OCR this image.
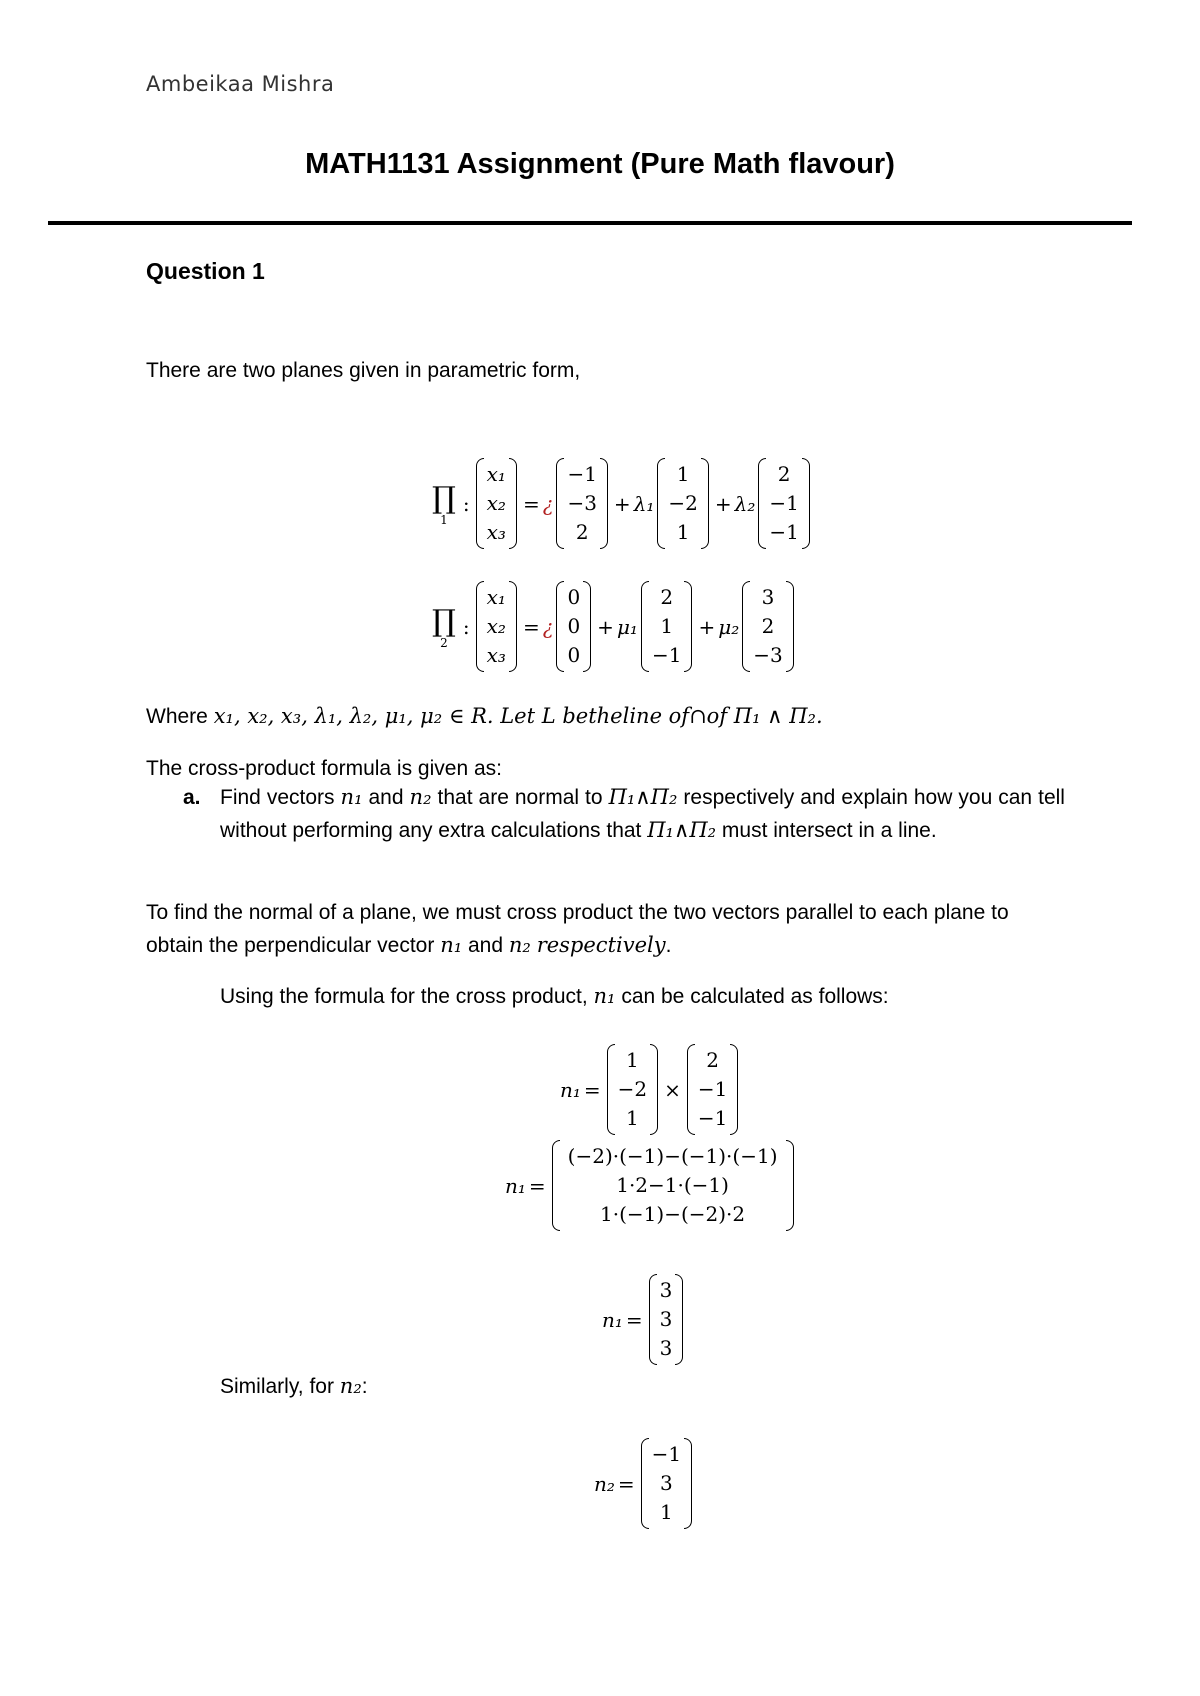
Ambeikaa Mishra
MATH1131 Assignment (Pure Math flavour)
Question 1
There are two planes given in parametric form,
∏
1
:
x₁
x₂
x₃
= ¿
−1
−3
2
+ λ₁
1
−2
1
+ λ₂
2
−1
−1
∏
2
:
x₁
x₂
x₃
= ¿
0
0
0
+ μ₁
2
1
−1
+ μ₂
3
2
−3
Where x₁, x₂, x₃, λ₁, λ₂, μ₁, μ₂ ∈ R. Let L betheline of∩of Π₁ ∧ Π₂.
The cross-product formula is given as:
a. Find vectors n₁ and n₂ that are normal to Π₁∧Π₂ respectively and explain how you can tell without performing any extra calculations that Π₁∧Π₂ must intersect in a line.
To find the normal of a plane, we must cross product the two vectors parallel to each plane to obtain the perpendicular vector n₁ and n₂ respectively.
Using the formula for the cross product, n₁ can be calculated as follows:
n₁ =
1
−2
1
×
2
−1
−1
n₁ =
(−2)·(−1)−(−1)·(−1)
1·2−1·(−1)
1·(−1)−(−2)·2
n₁ =
3
3
3
Similarly, for n₂:
n₂ =
−1
3
1
